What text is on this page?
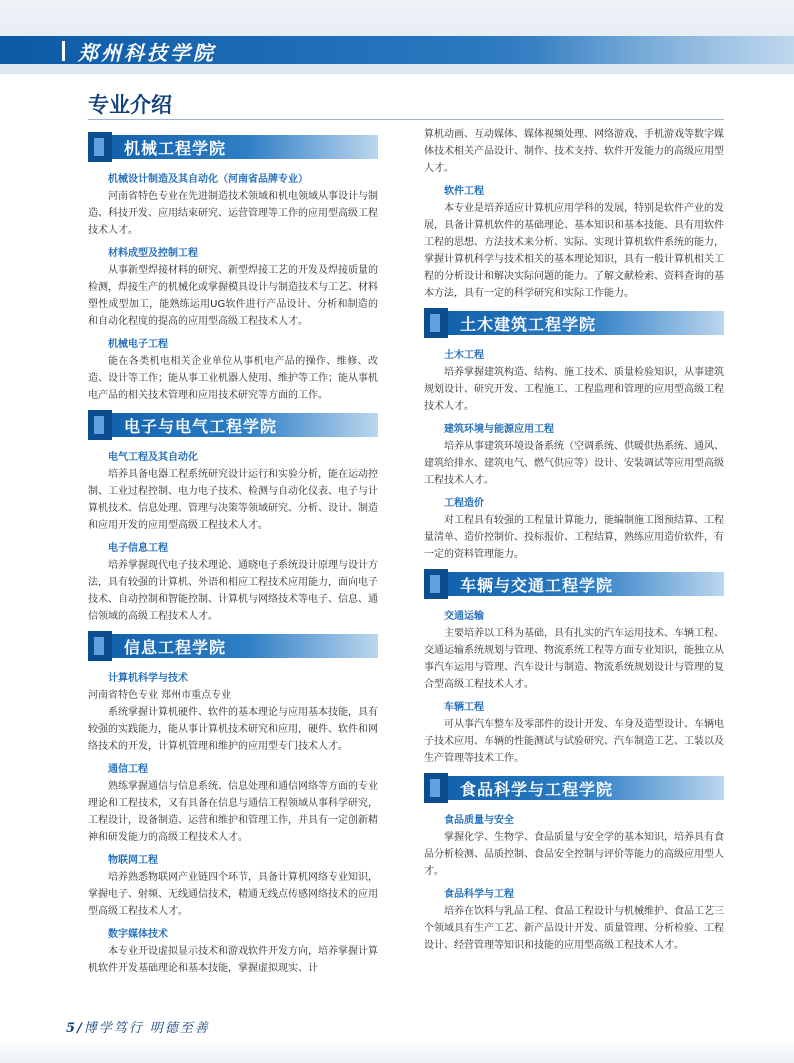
郑州科技学院
专业介绍
机械工程学院
机械设计制造及其自动化（河南省品牌专业）
河南省特色专业在先进制造技术领域和机电领域从事设计与制造、科技开发、应用结束研究、运营管理等工作的应用型高级工程技术人才。
材料成型及控制工程
从事新型焊接材料的研究、新型焊接工艺的开发及焊接质量的检测，焊接生产的机械化或掌握模具设计与制造技术与工艺、材料塑性成型加工，能熟练运用UG软件进行产品设计、分析和制造的和自动化程度的提高的应用型高级工程技术人才。
机械电子工程
能在各类机电相关企业单位从事机电产品的操作、维修、改造、设计等工作；能从事工业机器人使用、维护等工作；能从事机电产品的相关技术管理和应用技术研究等方面的工作。
电子与电气工程学院
电气工程及其自动化
培养具备电器工程系统研究设计运行和实验分析，能在运动控制、工业过程控制、电力电子技术、检测与自动化仪表、电子与计算机技术、信息处理、管理与决策等领域研究、分析、设计、制造和应用开发的应用型高级工程技术人才。
电子信息工程
培养掌握现代电子技术理论、通晓电子系统设计原理与设计方法，具有较强的计算机、外语和相应工程技术应用能力，面向电子技术、自动控制和智能控制、计算机与网络技术等电子、信息、通信领域的高级工程技术人才。
信息工程学院
计算机科学与技术
河南省特色专业 郑州市重点专业
系统掌握计算机硬件、软件的基本理论与应用基本技能，具有较强的实践能力，能从事计算机技术研究和应用，硬件、软件和网络技术的开发，计算机管理和维护的应用型专门技术人才。
通信工程
熟练掌握通信与信息系统、信息处理和通信网络等方面的专业理论和工程技术，又有具备在信息与通信工程领域从事科学研究，工程设计，设备制造、运营和维护和管理工作，并具有一定创新精神和研发能力的高级工程技术人才。
物联网工程
培养熟悉物联网产业链四个环节，具备计算机网络专业知识，掌握电子、射频、无线通信技术，精通无线点传感网络技术的应用型高级工程技术人才。
数字媒体技术
本专业开设虚拟显示技术和游戏软件开发方向，培养掌握计算机软件开发基础理论和基本技能，掌握虚拟现实、计
算机动画、互动媒体、媒体视频处理、网络游戏、手机游戏等数字媒体技术相关产品设计、制作、技术支持、软件开发能力的高级应用型人才。
软件工程
本专业是培养适应计算机应用学科的发展，特别是软件产业的发展，具备计算机软件的基础理论、基本知识和基本技能、具有用软件工程的思想、方法技术来分析、实际、实现计算机软件系统的能力，掌握计算机科学与技术相关的基本理论知识，具有一般计算机相关工程的分析设计和解决实际问题的能力。了解文献检索、资料查询的基本方法，具有一定的科学研究和实际工作能力。
土木建筑工程学院
土木工程
培养掌握建筑构造、结构、施工技术、质量检验知识，从事建筑规划设计、研究开发、工程施工、工程监理和管理的应用型高级工程技术人才。
建筑环境与能源应用工程
培养从事建筑环境设备系统（空调系统、供暖供热系统、通风、建筑给排水、建筑电气、燃气供应等）设计、安装调试等应用型高级工程技术人才。
工程造价
对工程具有较强的工程量计算能力，能编制施工图预结算、工程量清单、造价控制价、投标报价、工程结算，熟练应用造价软件，有一定的资料管理能力。
车辆与交通工程学院
交通运输
主要培养以工科为基础，具有扎实的汽车运用技术、车辆工程、交通运输系统规划与管理、物流系统工程等方面专业知识，能独立从事汽车运用与管理、汽车设计与制造、物流系统规划设计与管理的复合型高级工程技术人才。
车辆工程
可从事汽车整车及零部件的设计开发、车身及造型设计、车辆电子技术应用、车辆的性能测试与试验研究、汽车制造工艺、工装以及生产管理等技术工作。
食品科学与工程学院
食品质量与安全
掌握化学、生物学、食品质量与安全学的基本知识，培养具有食品分析检测、品质控制、食品安全控制与评价等能力的高级应用型人才。
食品科学与工程
培养在饮料与乳品工程、食品工程设计与机械维护、食品工艺三个领域具有生产工艺、新产品设计开发、质量管理、分析检验、工程设计、经营管理等知识和技能的应用型高级工程技术人才。
5/博学笃行 明德至善
